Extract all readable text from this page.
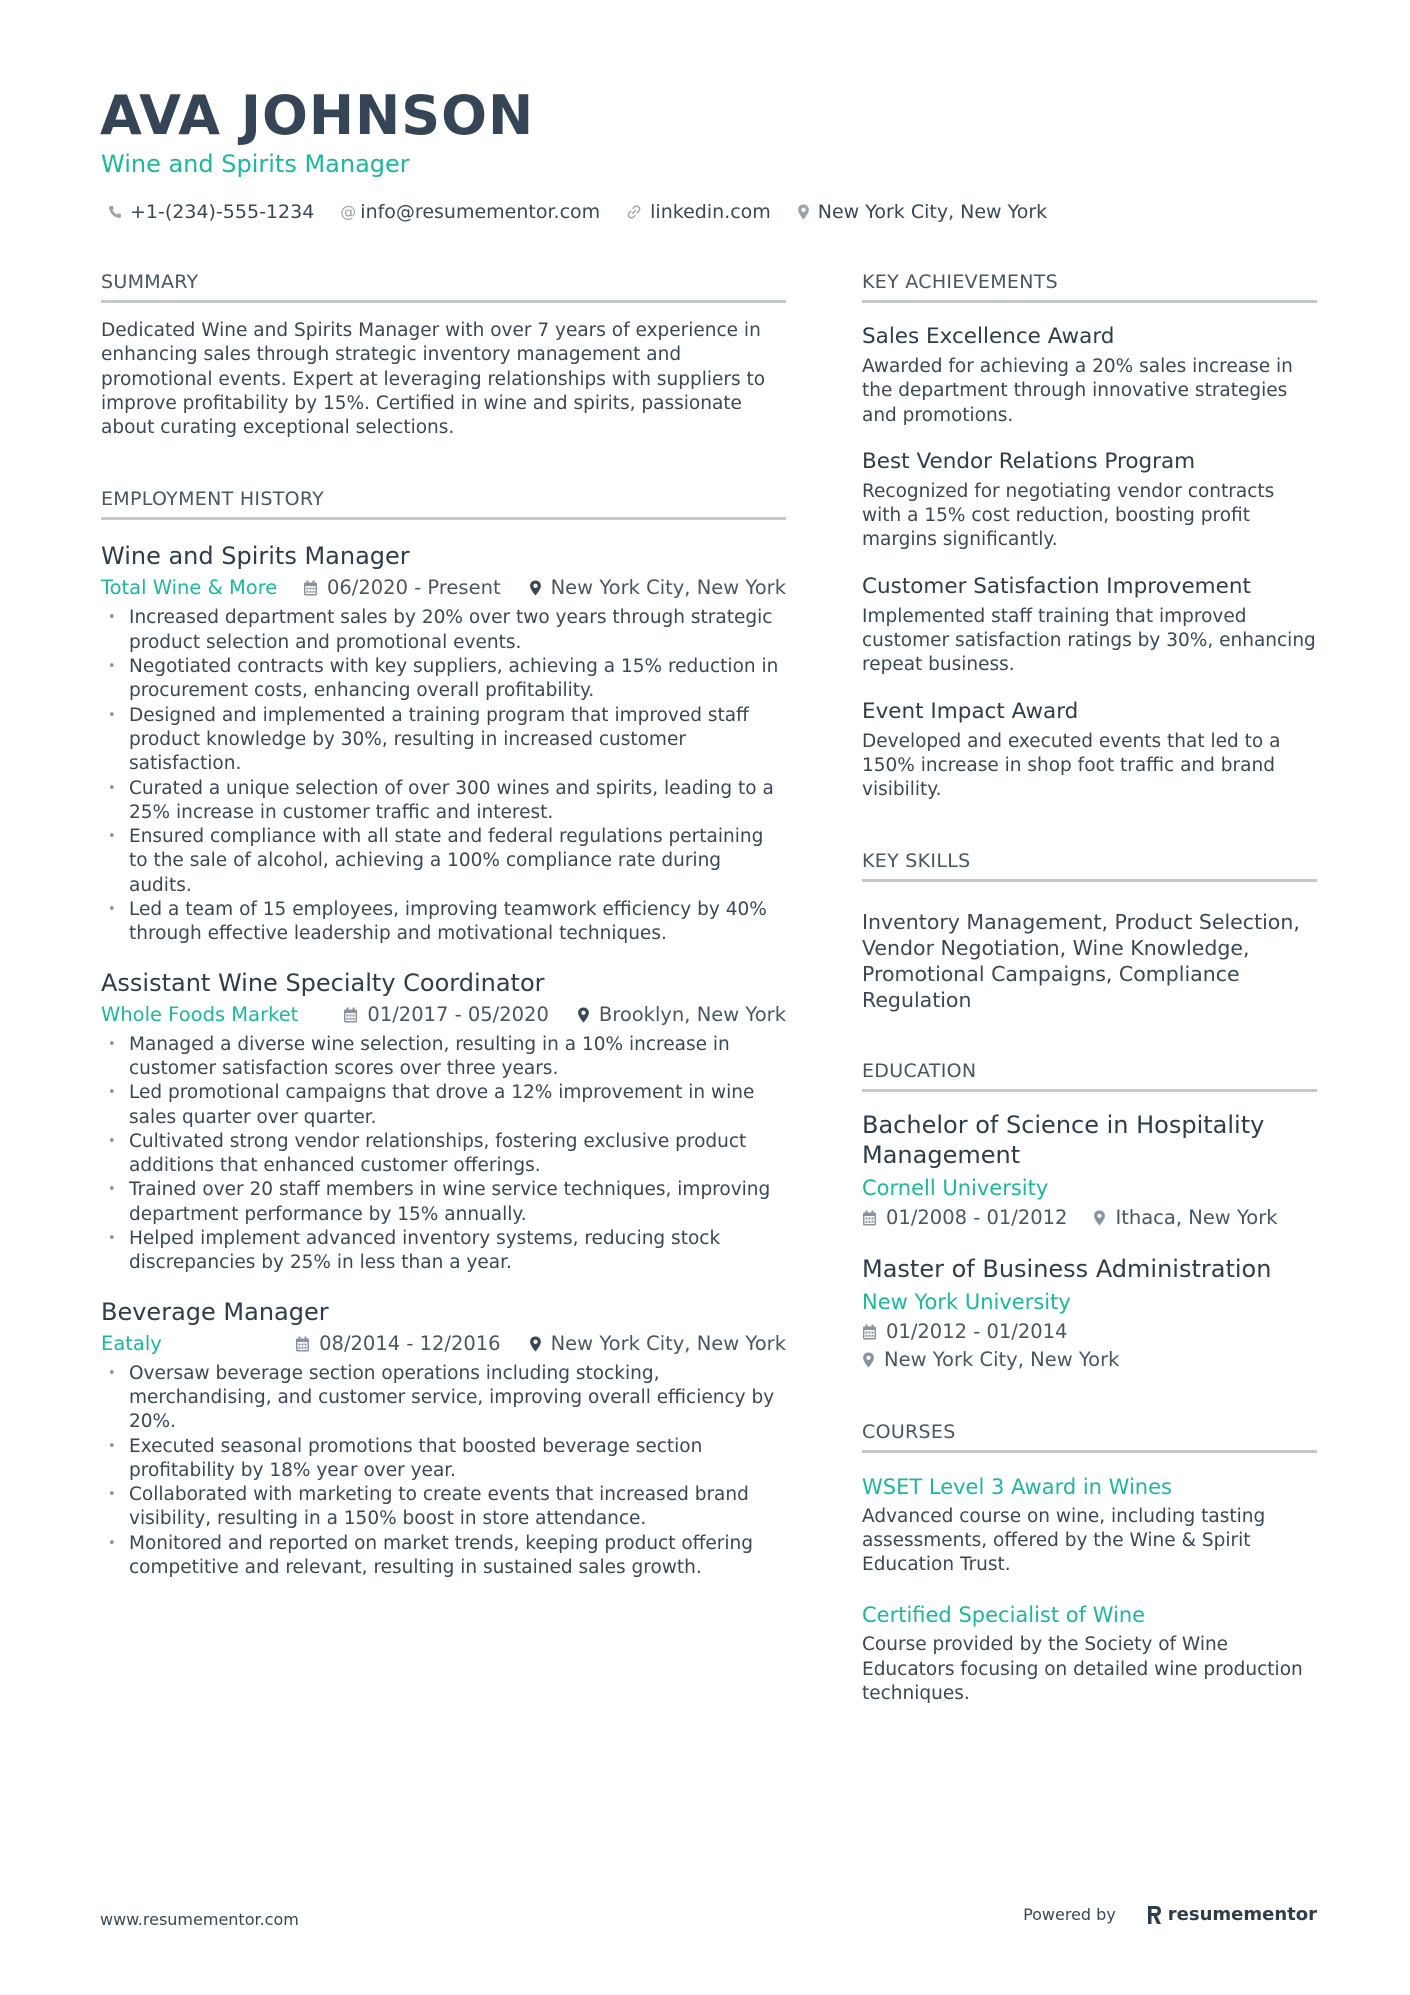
AVA JOHNSON
Wine and Spirits Manager
+1-(234)-555-1234 @ info@resumementor.com	linkedin.com New York City, New York
SUMMARY

Dedicated Wine and Spirits Manager with over 7 years of experience in enhancing sales through strategic inventory management and promotional events. Expert at leveraging relationships with suppliers to improve profitability by 15%. Certified in wine and spirits, passionate about curating exceptional selections.

EMPLOYMENT HISTORY
Wine and Spirits Manager
Total Wine & More	06/2020 - Present	New York City, New York
• Increased department sales by 20% over two years through strategic product selection and promotional events.
• Negotiated contracts with key suppliers, achieving a 15% reduction in procurement costs, enhancing overall profitability.
• Designed and implemented a training program that improved staff product knowledge by 30%, resulting in increased customer satisfaction.
• Curated a unique selection of over 300 wines and spirits, leading to a 25% increase in customer traffic and interest.
• Ensured compliance with all state and federal regulations pertaining to the sale of alcohol, achieving a 100% compliance rate during audits.
• Led a team of 15 employees, improving teamwork efficiency by 40% through effective leadership and motivational techniques.
Assistant Wine Specialty Coordinator
Whole Foods Market	01/2017 - 05/2020	Brooklyn, New York
• Managed a diverse wine selection, resulting in a 10% increase in customer satisfaction scores over three years.
• Led promotional campaigns that drove a 12% improvement in wine sales quarter over quarter.
• Cultivated strong vendor relationships, fostering exclusive product additions that enhanced customer offerings.
• Trained over 20 staff members in wine service techniques, improving department performance by 15% annually.
• Helped implement advanced inventory systems, reducing stock discrepancies by 25% in less than a year.
Beverage Manager
Eataly	08/2014 - 12/2016	New York City, New York
• Oversaw beverage section operations including stocking, merchandising, and customer service, improving overall efficiency by 20%.
• Executed seasonal promotions that boosted beverage section profitability by 18% year over year.
• Collaborated with marketing to create events that increased brand visibility, resulting in a 150% boost in store attendance.
• Monitored and reported on market trends, keeping product offering competitive and relevant, resulting in sustained sales growth.
KEY ACHIEVEMENTS
Sales Excellence Award
Awarded for achieving a 20% sales increase in the department through innovative strategies and promotions.
Best Vendor Relations Program
Recognized for negotiating vendor contracts with a 15% cost reduction, boosting profit margins significantly.
Customer Satisfaction Improvement
Implemented staff training that improved customer satisfaction ratings by 30%, enhancing repeat business.
Event Impact Award
Developed and executed events that led to a 150% increase in shop foot traffic and brand visibility.
KEY SKILLS
Inventory Management, Product Selection, Vendor Negotiation, Wine Knowledge, Promotional Campaigns, Compliance Regulation
EDUCATION
Bachelor of Science in Hospitality Management
Cornell University
01/2008 - 01/2012 Ithaca, New York
Master of Business Administration
New York University
01/2012 - 01/2014
New York City, New York
COURSES
WSET Level 3 Award in Wines
Advanced course on wine, including tasting assessments, offered by the Wine & Spirit Education Trust.
Certified Specialist of Wine
Course provided by the Society of Wine Educators focusing on detailed wine production techniques.
www.resumementor.com	Powered by	resumementor
